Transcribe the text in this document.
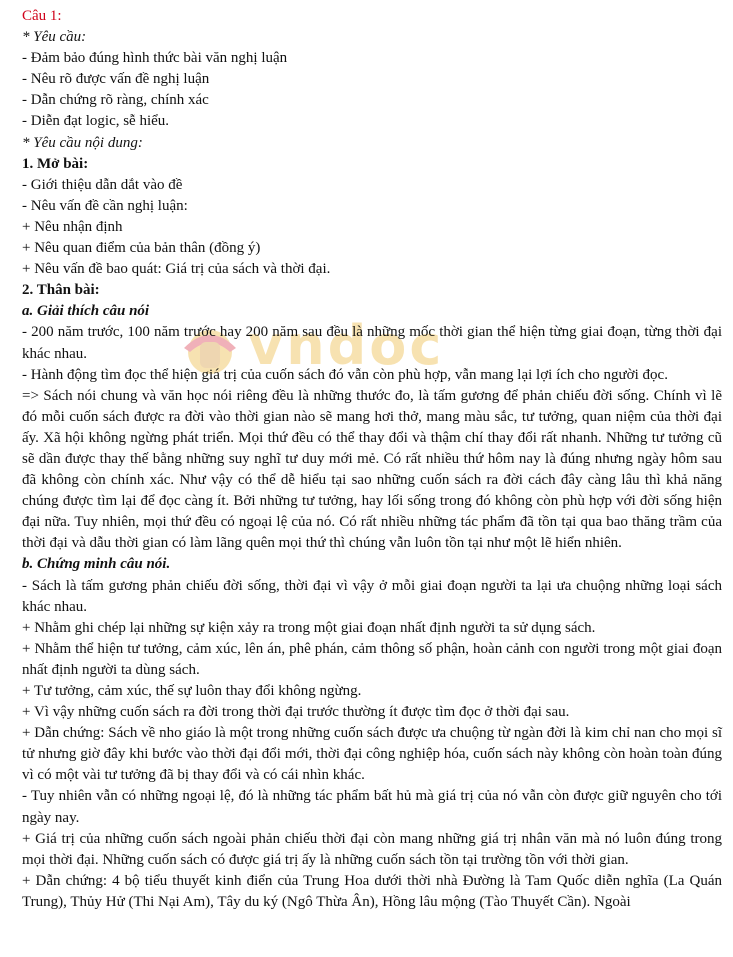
vndoc
Câu 1:
* Yêu cầu:
- Đảm bảo đúng hình thức bài văn nghị luận
- Nêu rõ được vấn đề nghị luận
- Dẫn chứng rõ ràng, chính xác
- Diễn đạt logic, sễ hiểu.
* Yêu cầu nội dung:
1. Mở bài:
- Giới thiệu dẫn dắt vào đề
- Nêu vấn đề cần nghị luận:
+ Nêu nhận định
+ Nêu quan điểm của bản thân (đồng ý)
+ Nêu vấn đề bao quát: Giá trị của sách và thời đại.
2. Thân bài:
a. Giải thích câu nói
- 200 năm trước, 100 năm trước hay 200 năm sau đều là những mốc thời gian thể hiện từng giai đoạn, từng thời đại khác nhau.
- Hành động tìm đọc thể hiện giá trị của cuốn sách đó vẫn còn phù hợp, vẫn mang lại lợi ích cho người đọc.
=> Sách nói chung và văn học nói riêng đều là những thước đo, là tấm gương để phản chiếu đời sống. Chính vì lẽ đó mỗi cuốn sách được ra đời vào thời gian nào sẽ mang hơi thở, mang màu sắc, tư tưởng, quan niệm của thời đại ấy. Xã hội không ngừng phát triển. Mọi thứ đều có thể thay đổi và thậm chí thay đổi rất nhanh. Những tư tưởng cũ sẽ dần được thay thế bằng những suy nghĩ tư duy mới mẻ. Có rất nhiều thứ hôm nay là đúng nhưng ngày hôm sau đã không còn chính xác. Như vậy có thể dễ hiểu tại sao những cuốn sách ra đời cách đây càng lâu thì khả năng chúng được tìm lại để đọc càng ít. Bởi những tư tưởng, hay lối sống trong đó không còn phù hợp với đời sống hiện đại nữa. Tuy nhiên, mọi thứ đều có ngoại lệ của nó. Có rất nhiều những tác phẩm đã tồn tại qua bao thăng trầm của thời đại và dẫu thời gian có làm lãng quên mọi thứ thì chúng vẫn luôn tồn tại như một lẽ hiển nhiên.
b. Chứng minh câu nói.
- Sách là tấm gương phản chiếu đời sống, thời đại vì vậy ở mỗi giai đoạn người ta lại ưa chuộng những loại sách khác nhau.
+ Nhằm ghi chép lại những sự kiện xảy ra trong một giai đoạn nhất định người ta sử dụng sách.
+ Nhằm thể hiện tư tưởng, cảm xúc, lên án, phê phán, cảm thông số phận, hoàn cảnh con người trong một giai đoạn nhất định người ta dùng sách.
+ Tư tưởng, cảm xúc, thế sự luôn thay đổi không ngừng.
+ Vì vậy những cuốn sách ra đời trong thời đại trước thường ít được tìm đọc ở thời đại sau.
+ Dẫn chứng: Sách về nho giáo là một trong những cuốn sách được ưa chuộng từ ngàn đời là kim chỉ nan cho mọi sĩ tử nhưng giờ đây khi bước vào thời đại đổi mới, thời đại công nghiệp hóa, cuốn sách này không còn hoàn toàn đúng vì có một vài tư tưởng đã bị thay đổi và có cái nhìn khác.
- Tuy nhiên vẫn có những ngoại lệ, đó là những tác phẩm bất hủ mà giá trị của nó vẫn còn được giữ nguyên cho tới ngày nay.
+ Giá trị của những cuốn sách ngoài phản chiếu thời đại còn mang những giá trị nhân văn mà nó luôn đúng trong mọi thời đại. Những cuốn sách có được giá trị ấy là những cuốn sách tồn tại trường tồn với thời gian.
+ Dẫn chứng: 4 bộ tiểu thuyết kinh điển của Trung Hoa dưới thời nhà Đường là Tam Quốc diễn nghĩa (La Quán Trung), Thủy Hử (Thi Nại Am), Tây du ký (Ngô Thừa Ân), Hồng lâu mộng (Tào Thuyết Cần). Ngoài
